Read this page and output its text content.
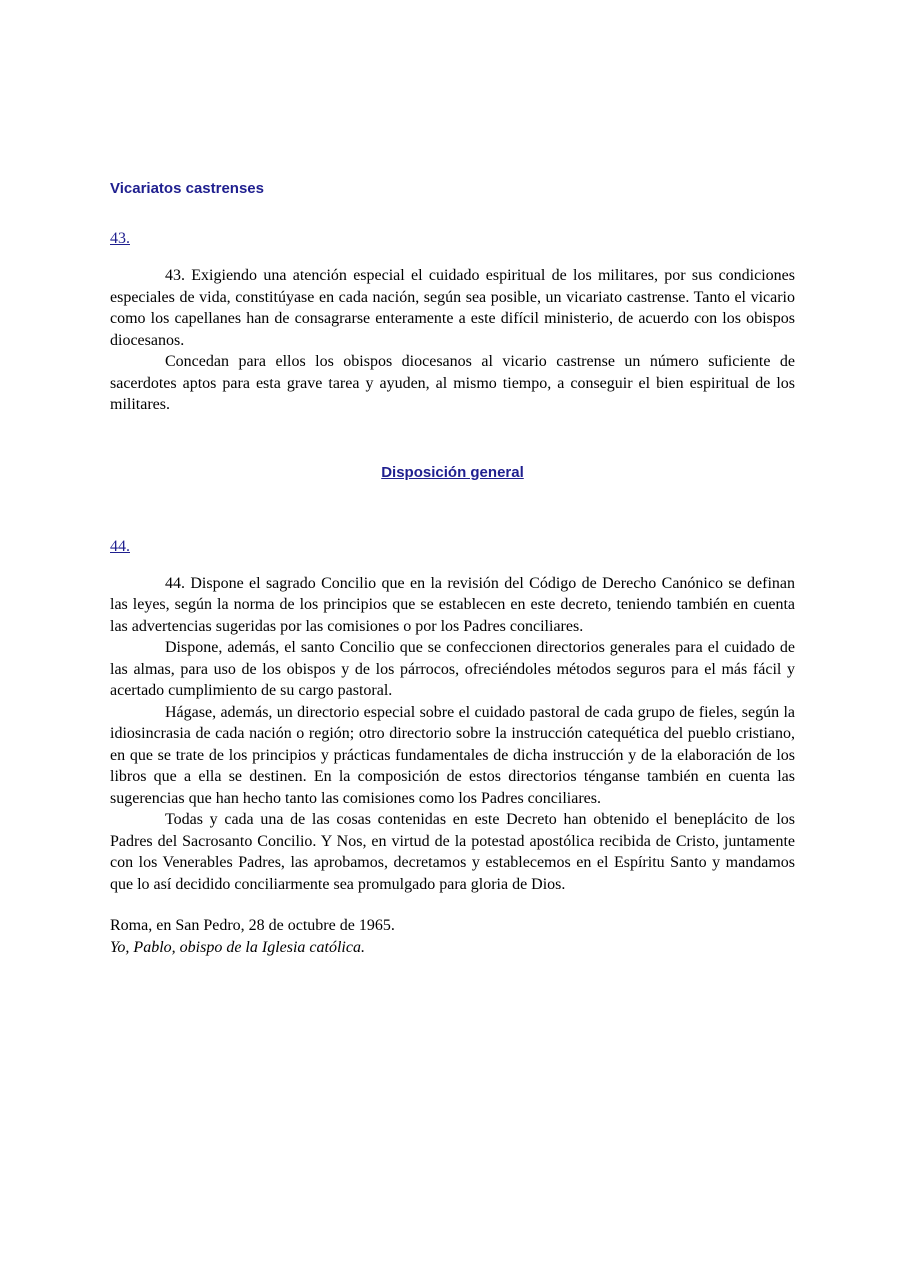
Vicariatos castrenses

43.

43. Exigiendo una atención especial el cuidado espiritual de los militares, por sus condiciones especiales de vida, constitúyase en cada nación, según sea posible, un vicariato castrense. Tanto el vicario como los capellanes han de consagrarse enteramente a este difícil ministerio, de acuerdo con los obispos diocesanos.

Concedan para ellos los obispos diocesanos al vicario castrense un número suficiente de sacerdotes aptos para esta grave tarea y ayuden, al mismo tiempo, a conseguir el bien espiritual de los militares.

Disposición general

44.

44. Dispone el sagrado Concilio que en la revisión del Código de Derecho Canónico se definan las leyes, según la norma de los principios que se establecen en este decreto, teniendo también en cuenta las advertencias sugeridas por las comisiones o por los Padres conciliares.

Dispone, además, el santo Concilio que se confeccionen directorios generales para el cuidado de las almas, para uso de los obispos y de los párrocos, ofreciéndoles métodos seguros para el más fácil y acertado cumplimiento de su cargo pastoral.

Hágase, además, un directorio especial sobre el cuidado pastoral de cada grupo de fieles, según la idiosincrasia de cada nación o región; otro directorio sobre la instrucción catequética del pueblo cristiano, en que se trate de los principios y prácticas fundamentales de dicha instrucción y de la elaboración de los libros que a ella se destinen. En la composición de estos directorios ténganse también en cuenta las sugerencias que han hecho tanto las comisiones como los Padres conciliares.

Todas y cada una de las cosas contenidas en este Decreto han obtenido el beneplácito de los Padres del Sacrosanto Concilio. Y Nos, en virtud de la potestad apostólica recibida de Cristo, juntamente con los Venerables Padres, las aprobamos, decretamos y establecemos en el Espíritu Santo y mandamos que lo así decidido conciliarmente sea promulgado para gloria de Dios.

Roma, en San Pedro, 28 de octubre de 1965.

Yo, Pablo, obispo de la Iglesia católica.
